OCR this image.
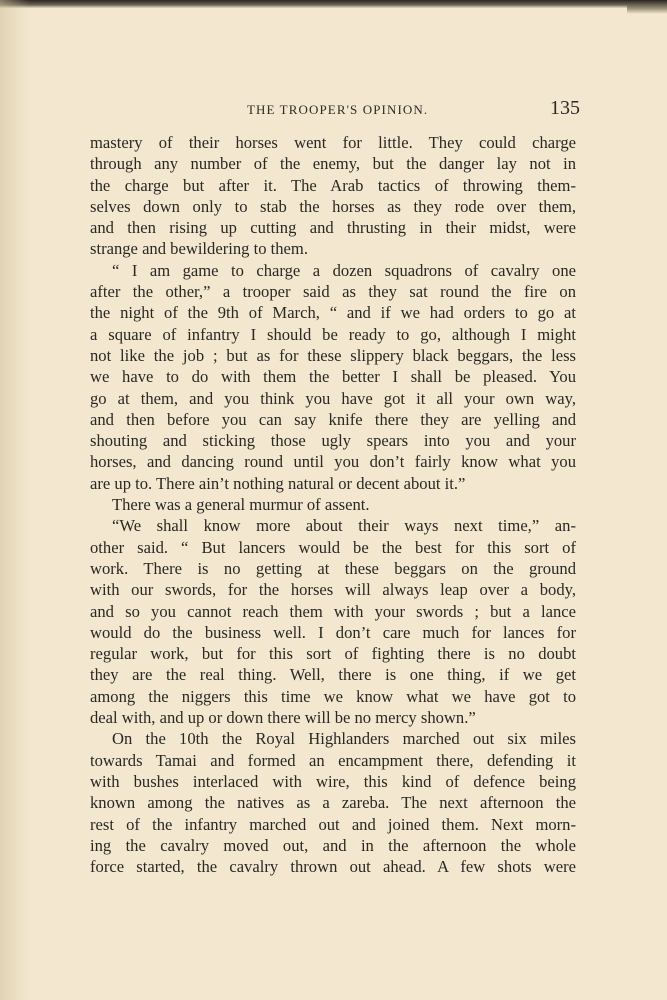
THE TROOPER'S OPINION.	135
mastery of their horses went for little. They could charge
through any number of the enemy, but the danger lay not in
the charge but after it. The Arab tactics of throwing them-
selves down only to stab the horses as they rode over them,
and then rising up cutting and thrusting in their midst, were
strange and bewildering to them.
“ I am game to charge a dozen squadrons of cavalry one
after the other,” a trooper said as they sat round the fire on
the night of the 9th of March, “ and if we had orders to go at
a square of infantry I should be ready to go, although I might
not like the job ; but as for these slippery black beggars, the less
we have to do with them the better I shall be pleased. You
go at them, and you think you have got it all your own way,
and then before you can say knife there they are yelling and
shouting and sticking those ugly spears into you and your
horses, and dancing round until you don’t fairly know what you
are up to. There ain’t nothing natural or decent about it.”
There was a general murmur of assent.
“We shall know more about their ways next time,” an-
other said. “ But lancers would be the best for this sort of
work. There is no getting at these beggars on the ground
with our swords, for the horses will always leap over a body,
and so you cannot reach them with your swords ; but a lance
would do the business well. I don’t care much for lances for
regular work, but for this sort of fighting there is no doubt
they are the real thing. Well, there is one thing, if we get
among the niggers this time we know what we have got to
deal with, and up or down there will be no mercy shown.”
On the 10th the Royal Highlanders marched out six miles
towards Tamai and formed an encampment there, defending it
with bushes interlaced with wire, this kind of defence being
known among the natives as a zareba. The next afternoon the
rest of the infantry marched out and joined them. Next morn-
ing the cavalry moved out, and in the afternoon the whole
force started, the cavalry thrown out ahead. A few shots were
